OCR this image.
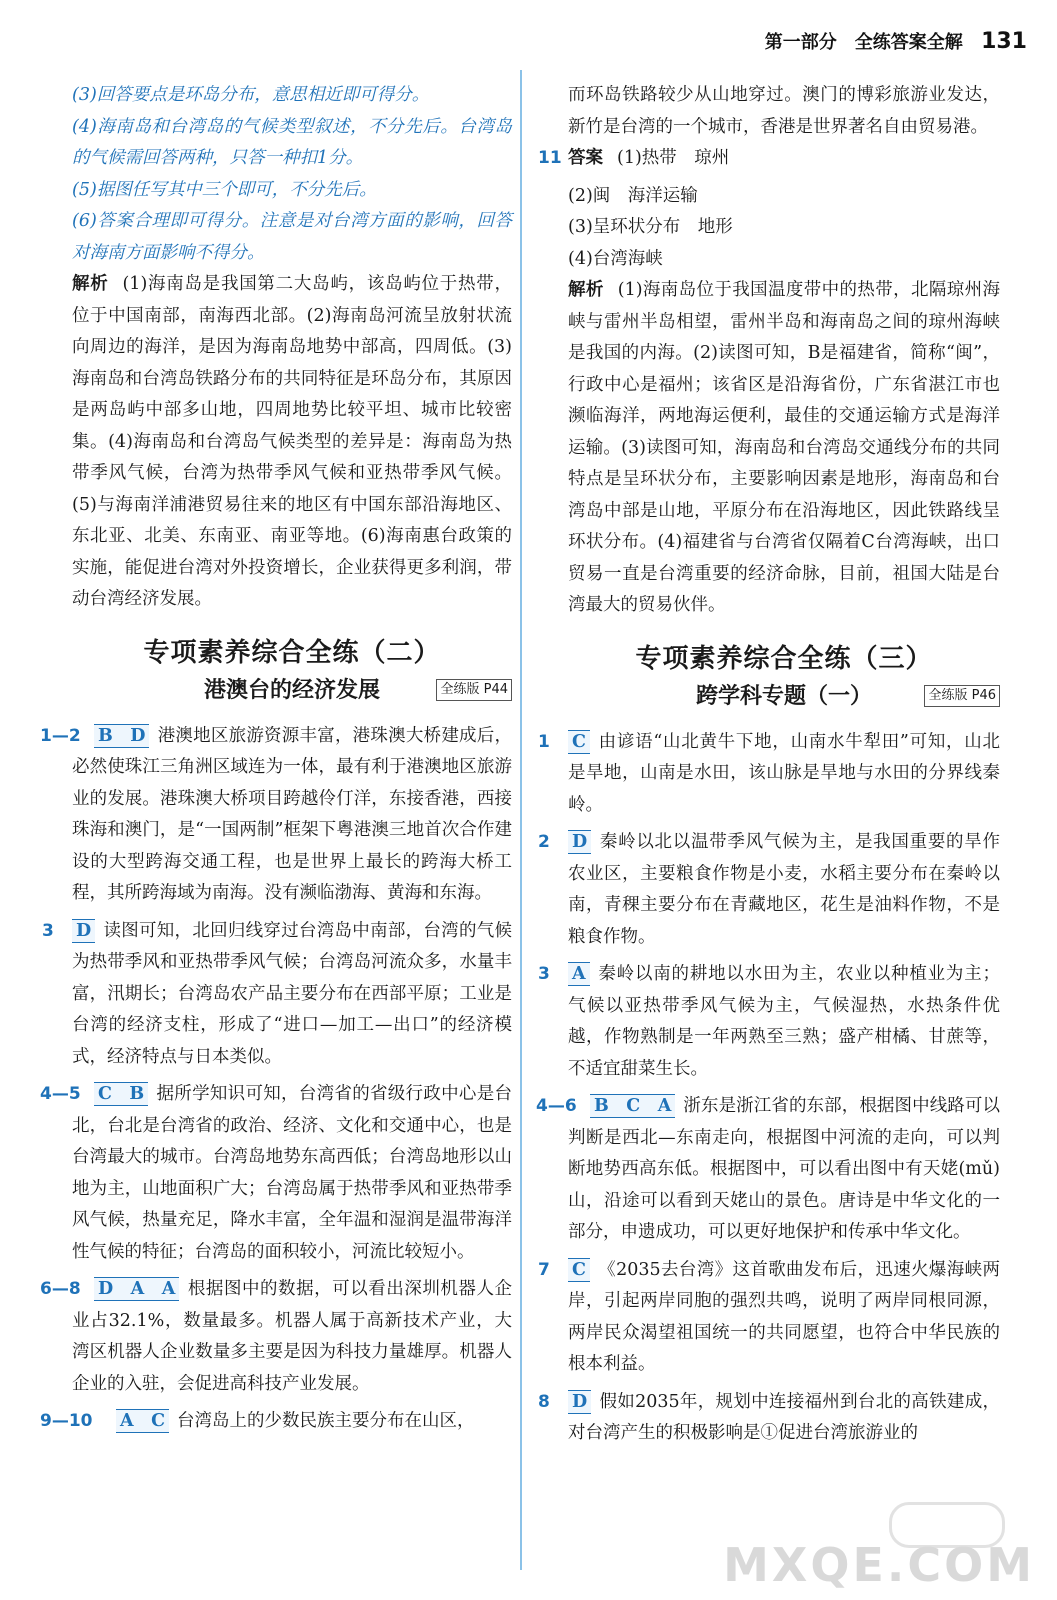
第一部分　全练答案全解 131

(3)回答要点是环岛分布，意思相近即可得分。

(4)海南岛和台湾岛的气候类型叙述，不分先后。台湾岛的气候需回答两种，只答一种扣1分。

(5)据图任写其中三个即可，不分先后。

(6)答案合理即可得分。注意是对台湾方面的影响，回答对海南方面影响不得分。

解析 (1)海南岛是我国第二大岛屿，该岛屿位于热带，位于中国南部，南海西北部。(2)海南岛河流呈放射状流向周边的海洋，是因为海南岛地势中部高，四周低。(3)海南岛和台湾岛铁路分布的共同特征是环岛分布，其原因是两岛屿中部多山地，四周地势比较平坦、城市比较密集。(4)海南岛和台湾岛气候类型的差异是：海南岛为热带季风气候，台湾为热带季风气候和亚热带季风气候。(5)与海南洋浦港贸易往来的地区有中国东部沿海地区、东北亚、北美、东南亚、南亚等地。(6)海南惠台政策的实施，能促进台湾对外投资增长，企业获得更多利润，带动台湾经济发展。

专项素养综合全练（二）
港澳台的经济发展	全练版 P44
1—2 B　D 港澳地区旅游资源丰富，港珠澳大桥建成后，必然使珠江三角洲区域连为一体，最有利于港澳地区旅游业的发展。港珠澳大桥项目跨越伶仃洋，东接香港，西接珠海和澳门，是“一国两制”框架下粤港澳三地首次合作建设的大型跨海交通工程，也是世界上最长的跨海大桥工程，其所跨海域为南海。没有濒临渤海、黄海和东海。
3 D 读图可知，北回归线穿过台湾岛中南部，台湾的气候为热带季风和亚热带季风气候；台湾岛河流众多，水量丰富，汛期长；台湾岛农产品主要分布在西部平原；工业是台湾的经济支柱，形成了“进口—加工—出口”的经济模式，经济特点与日本类似。
4—5 C　B 据所学知识可知，台湾省的省级行政中心是台北，台北是台湾省的政治、经济、文化和交通中心，也是台湾最大的城市。台湾岛地势东高西低；台湾岛地形以山地为主，山地面积广大；台湾岛属于热带季风和亚热带季风气候，热量充足，降水丰富，全年温和湿润是温带海洋性气候的特征；台湾岛的面积较小，河流比较短小。
6—8 D　A　A 根据图中的数据，可以看出深圳机器人企业占32.1%，数量最多。机器人属于高新技术产业，大湾区机器人企业数量多主要是因为科技力量雄厚。机器人企业的入驻，会促进高科技产业发展。
9—10 A　C 台湾岛上的少数民族主要分布在山区，

而环岛铁路较少从山地穿过。澳门的博彩旅游业发达，新竹是台湾的一个城市，香港是世界著名自由贸易港。

11 答案 (1)热带　琼州

(2)闽　海洋运输

(3)呈环状分布　地形

(4)台湾海峡

解析 (1)海南岛位于我国温度带中的热带，北隔琼州海峡与雷州半岛相望，雷州半岛和海南岛之间的琼州海峡是我国的内海。(2)读图可知，B是福建省，简称“闽”，行政中心是福州；该省区是沿海省份，广东省湛江市也濒临海洋，两地海运便利，最佳的交通运输方式是海洋运输。(3)读图可知，海南岛和台湾岛交通线分布的共同特点是呈环状分布，主要影响因素是地形，海南岛和台湾岛中部是山地，平原分布在沿海地区，因此铁路线呈环状分布。(4)福建省与台湾省仅隔着C台湾海峡，出口贸易一直是台湾重要的经济命脉，目前，祖国大陆是台湾最大的贸易伙伴。

专项素养综合全练（三）
跨学科专题（一）	全练版 P46
1 C 由谚语“山北黄牛下地，山南水牛犁田”可知，山北是旱地，山南是水田，该山脉是旱地与水田的分界线秦岭。
2 D 秦岭以北以温带季风气候为主，是我国重要的旱作农业区，主要粮食作物是小麦，水稻主要分布在秦岭以南，青稞主要分布在青藏地区，花生是油料作物，不是粮食作物。
3 A 秦岭以南的耕地以水田为主，农业以种植业为主；气候以亚热带季风气候为主，气候湿热，水热条件优越，作物熟制是一年两熟至三熟；盛产柑橘、甘蔗等，不适宜甜菜生长。
4—6 B　C　A 浙东是浙江省的东部，根据图中线路可以判断是西北—东南走向，根据图中河流的走向，可以判断地势西高东低。根据图中，可以看出图中有天姥(mǔ)山，沿途可以看到天姥山的景色。唐诗是中华文化的一部分，申遗成功，可以更好地保护和传承中华文化。
7 C 《2035去台湾》这首歌曲发布后，迅速火爆海峡两岸，引起两岸同胞的强烈共鸣，说明了两岸同根同源，两岸民众渴望祖国统一的共同愿望，也符合中华民族的根本利益。
8 D 假如2035年，规划中连接福州到台北的高铁建成，对台湾产生的积极影响是①促进台湾旅游业的
MXQE.COM
